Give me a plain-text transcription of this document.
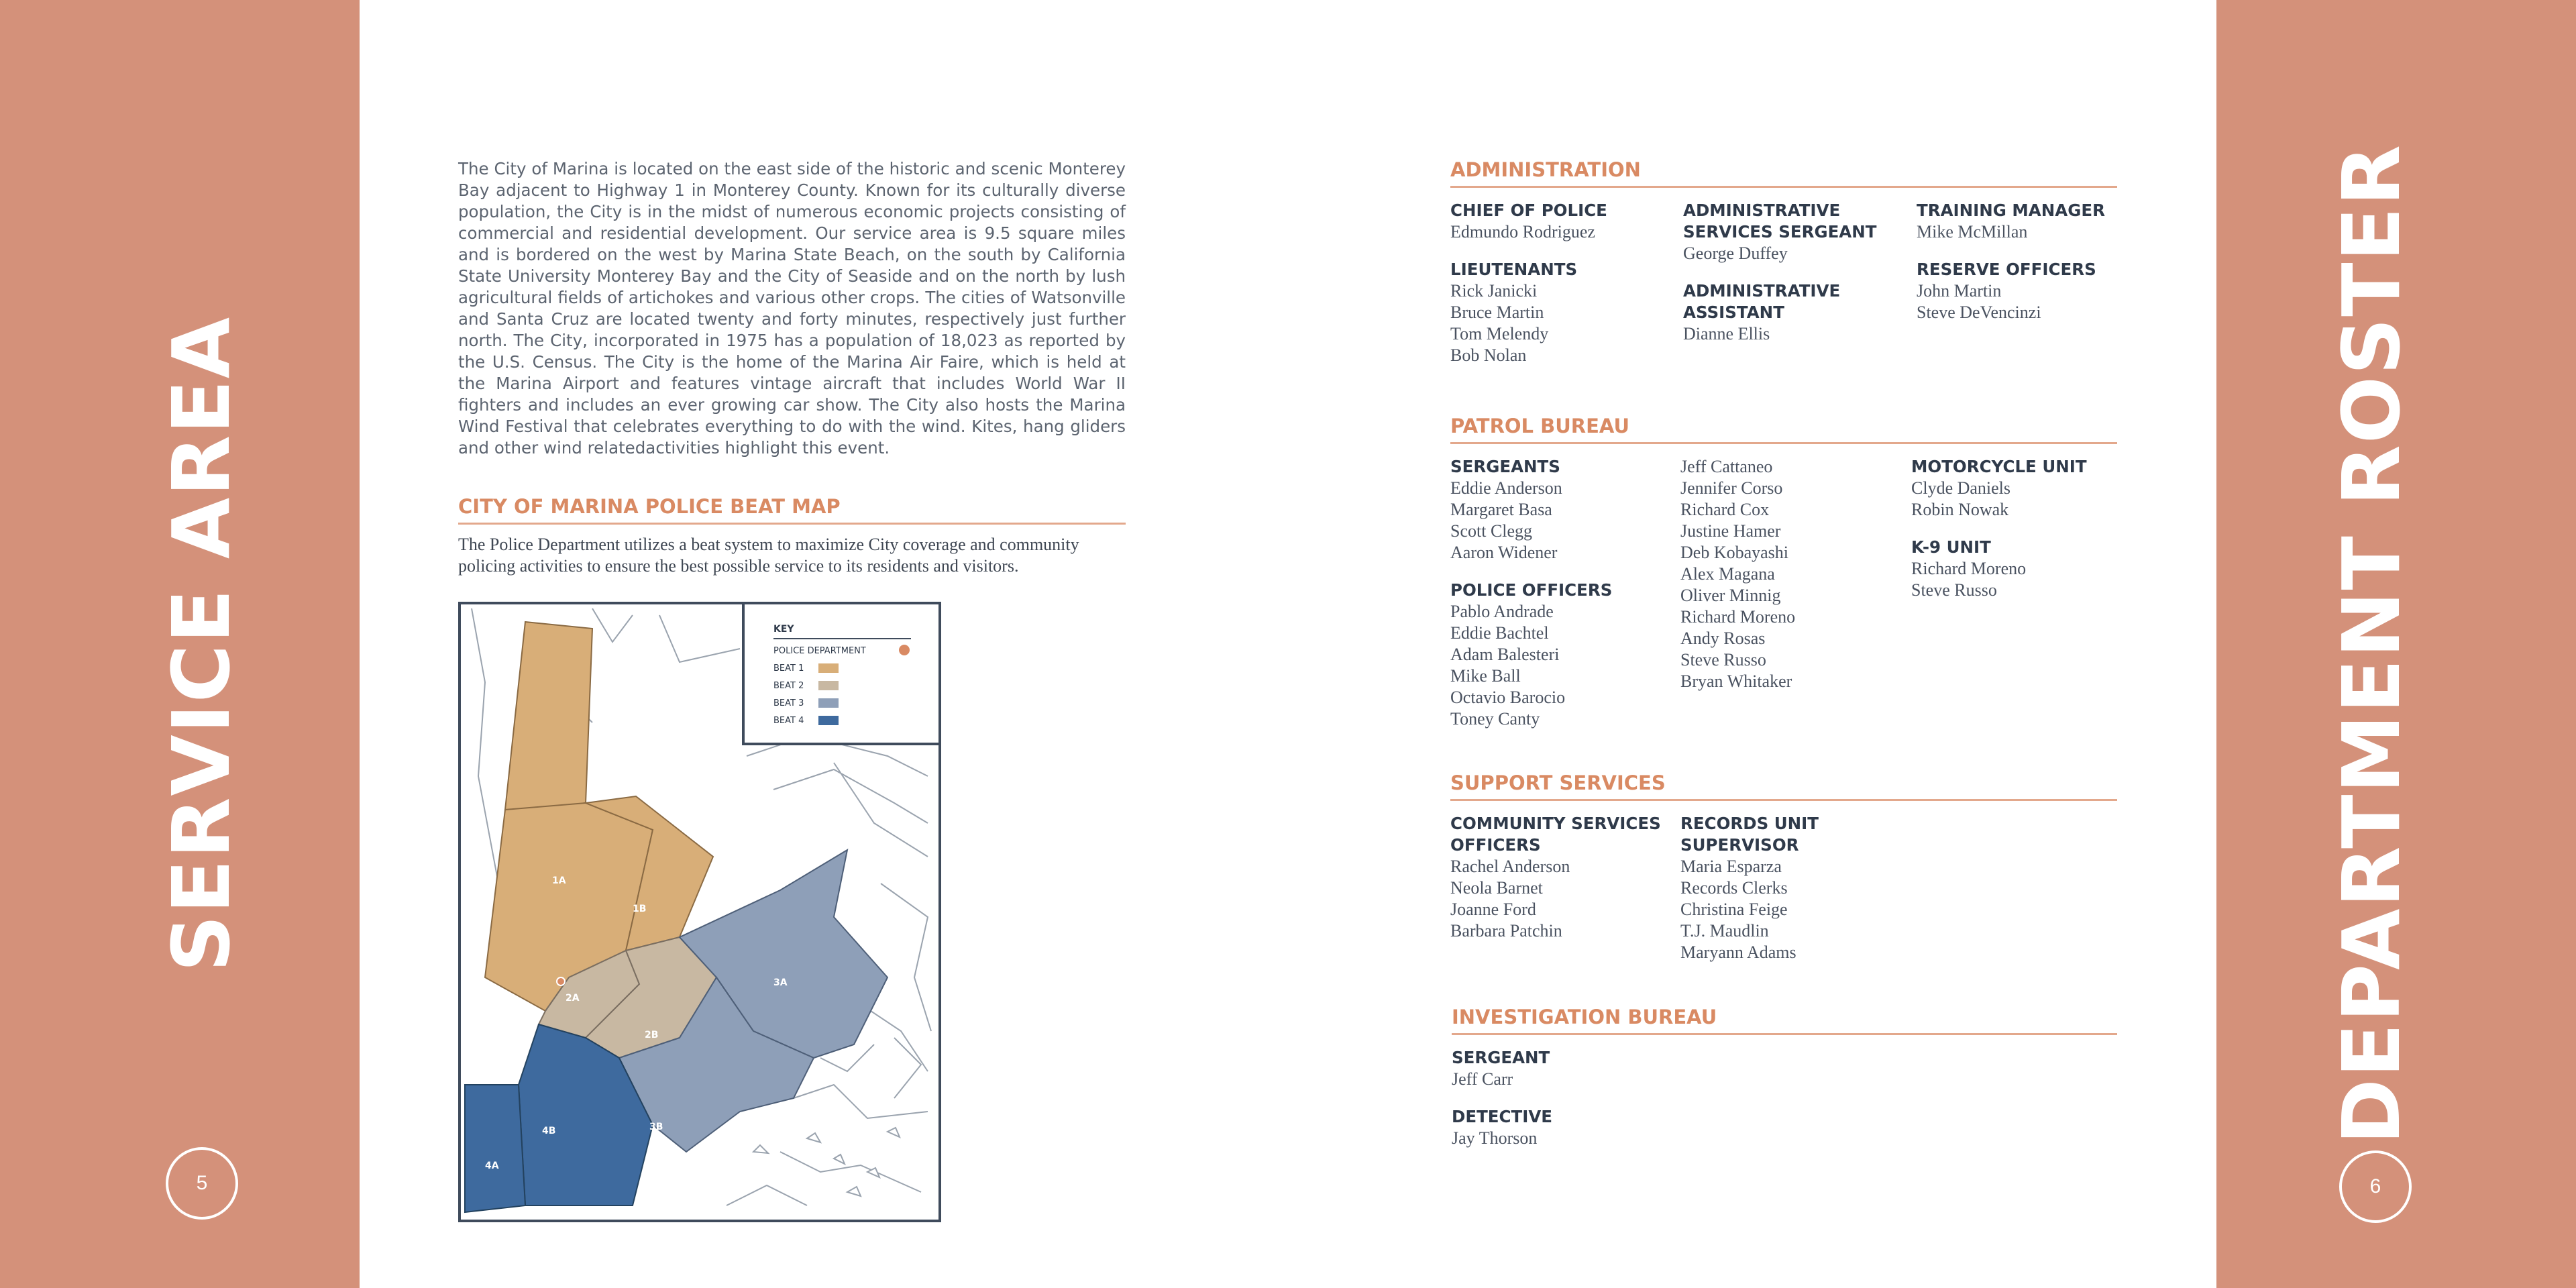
SERVICE AREA
5
The City of Marina is located on the east side of the historic and scenic Monterey Bay adjacent to Highway 1 in Monterey County. Known for its culturally diverse population, the City is in the midst of numerous economic projects consisting of commercial and residential development. Our service area is 9.5 square miles and is bordered on the west by Marina State Beach, on the south by California State University Monterey Bay and the City of Seaside and on the north by lush agricultural fields of artichokes and various other crops. The cities of Watsonville and Santa Cruz are located twenty and forty minutes, respectively just further north. The City, incorporated in 1975 has a population of 18,023 as reported by the U.S. Census. The City is the home of the Marina Air Faire, which is held at the Marina Airport and features vintage aircraft that includes World War II fighters and includes an ever growing car show. The City also hosts the Marina Wind Festival that celebrates everything to do with the wind. Kites, hang gliders and other wind relatedactivities highlight this event.
CITY OF MARINA POLICE BEAT MAP
The Police Department utilizes a beat system to maximize City coverage and community policing activities to ensure the best possible service to its residents and visitors.
1A
1B
2A
2B
3A
3B
4A
4B
KEY
POLICE DEPARTMENT
BEAT 1
BEAT 2
BEAT 3
BEAT 4	DEPARTMENT ROSTER
6
ADMINISTRATION
CHIEF OF POLICE
Edmundo Rodriguez
LIEUTENANTS
Rick Janicki
Bruce Martin
Tom Melendy
Bob Nolan
ADMINISTRATIVE
SERVICES SERGEANT
George Duffey
ADMINISTRATIVE
ASSISTANT
Dianne Ellis
TRAINING MANAGER
Mike McMillan
RESERVE OFFICERS
John Martin
Steve DeVencinzi
PATROL BUREAU
SERGEANTS
Eddie Anderson
Margaret Basa
Scott Clegg
Aaron Widener
POLICE OFFICERS
Pablo Andrade
Eddie Bachtel
Adam Balesteri
Mike Ball
Octavio Barocio
Toney Canty
Jeff Cattaneo
Jennifer Corso
Richard Cox
Justine Hamer
Deb Kobayashi
Alex Magana
Oliver Minnig
Richard Moreno
Andy Rosas
Steve Russo
Bryan Whitaker
MOTORCYCLE UNIT
Clyde Daniels
Robin Nowak
K-9 UNIT
Richard Moreno
Steve Russo
SUPPORT SERVICES
COMMUNITY SERVICES
OFFICERS
Rachel Anderson
Neola Barnet
Joanne Ford
Barbara Patchin
RECORDS UNIT
SUPERVISOR
Maria Esparza
Records Clerks
Christina Feige
T.J. Maudlin
Maryann Adams
INVESTIGATION BUREAU
SERGEANT
Jeff Carr
DETECTIVE
Jay Thorson
